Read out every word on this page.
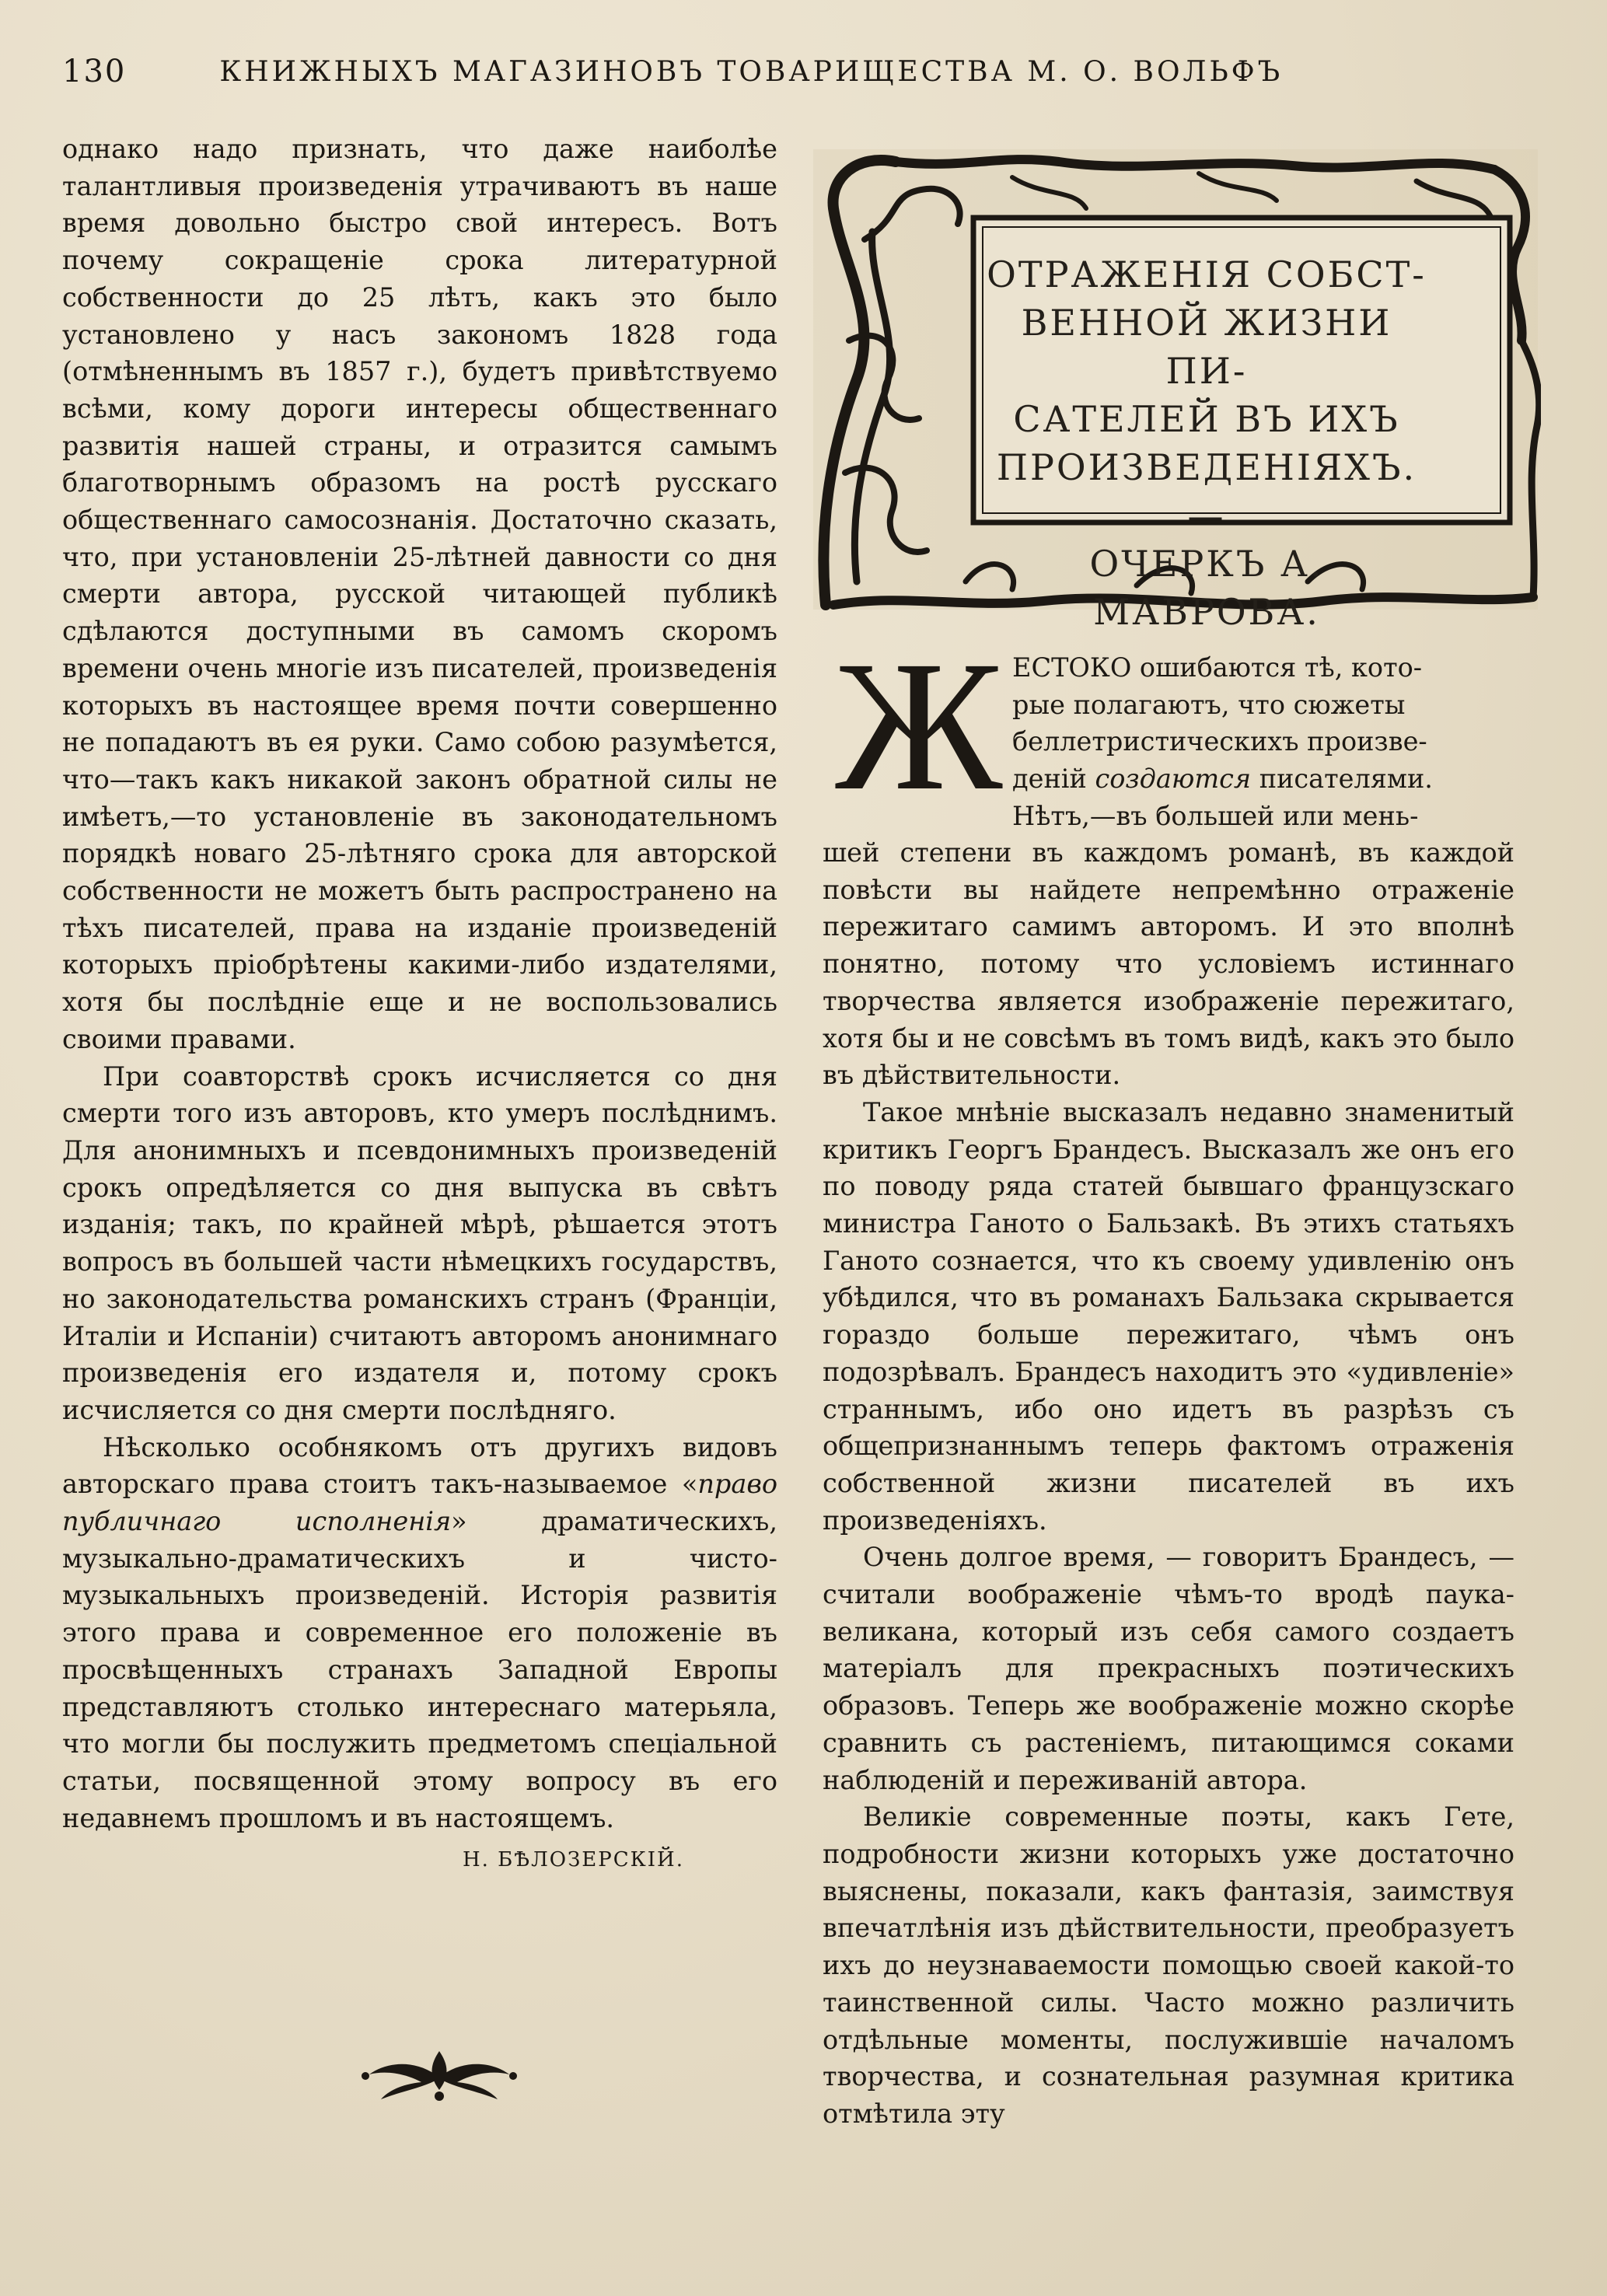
130	КНИЖНЫХЪ МАГАЗИНОВЪ ТОВАРИЩЕСТВА М. О. ВОЛЬФЪ

однако надо признать, что даже наиболѣе талантливыя произведенія утрачиваютъ въ наше время довольно быстро свой интересъ. Вотъ почему сокращеніе срока литературной собственности до 25 лѣтъ, какъ это было установлено у насъ закономъ 1828 года (отмѣненнымъ въ 1857 г.), будетъ привѣтствуемо всѣми, кому дороги интересы общественнаго развитія нашей страны, и отразится самымъ благотворнымъ образомъ на ростѣ русскаго общественнаго самосознанія. Достаточно сказать, что, при установленіи 25-лѣтней давности со дня смерти автора, русской читающей публикѣ сдѣлаются доступными въ самомъ скоромъ времени очень многіе изъ писателей, произведенія которыхъ въ настоящее время почти совершенно не попадаютъ въ ея руки. Само собою разумѣется, что—такъ какъ никакой законъ обратной силы не имѣетъ,—то установленіе въ законодательномъ порядкѣ новаго 25-лѣтняго срока для авторской собственности не можетъ быть распространено на тѣхъ писателей, права на изданіе произведеній которыхъ пріобрѣтены какими-либо издателями, хотя бы послѣдніе еще и не воспользовались своими правами.

При соавторствѣ срокъ исчисляется со дня смерти того изъ авторовъ, кто умеръ послѣднимъ. Для анонимныхъ и псевдонимныхъ произведеній срокъ опредѣляется со дня выпуска въ свѣтъ изданія; такъ, по крайней мѣрѣ, рѣшается этотъ вопросъ въ большей части нѣмецкихъ государствъ, но законодательства романскихъ странъ (Франціи, Италіи и Испаніи) считаютъ авторомъ анонимнаго произведенія его издателя и, потому срокъ исчисляется со дня смерти послѣдняго.

Нѣсколько особнякомъ отъ другихъ видовъ авторскаго права стоитъ такъ-называемое «право публичнаго исполненія» драматическихъ, музыкально-драматическихъ и чисто-музыкальныхъ произведеній. Исторія развитія этого права и современное его положеніе въ просвѣщенныхъ странахъ Западной Европы представляютъ столько интереснаго матерьяла, что могли бы послужить предметомъ спеціальной статьи, посвященной этому вопросу въ его недавнемъ прошломъ и въ настоящемъ.

Н. БѢЛОЗЕРСКІЙ.
ОТРАЖЕНІЯ СОБСТ-
ВЕННОЙ ЖИЗНИ ПИ-
САТЕЛЕЙ ВЪ ИХЪ
ПРОИЗВЕДЕНІЯХЪ. —
ОЧЕРКЪ А. МАВРОВА.
Ж ЕСТОКО ошибаются тѣ, кото-

рые полагаютъ, что сюжеты

беллетристическихъ произве-

деній создаются писателями.

Нѣтъ,—въ большей или мень-

шей степени въ каждомъ романѣ, въ каждой повѣсти вы найдете непремѣнно отраженіе пережитаго самимъ авторомъ. И это вполнѣ понятно, потому что условіемъ истиннаго творчества является изображеніе пережитаго, хотя бы и не совсѣмъ въ томъ видѣ, какъ это было въ дѣйствительности.

Такое мнѣніе высказалъ недавно знаменитый критикъ Георгъ Брандесъ. Высказалъ же онъ его по поводу ряда статей бывшаго французскаго министра Ганото о Бальзакѣ. Въ этихъ статьяхъ Ганото сознается, что къ своему удивленію онъ убѣдился, что въ романахъ Бальзака скрывается гораздо больше пережитаго, чѣмъ онъ подозрѣвалъ. Брандесъ находитъ это «удивленіе» страннымъ, ибо оно идетъ въ разрѣзъ съ общепризнаннымъ теперь фактомъ отраженія собственной жизни писателей въ ихъ произведеніяхъ.

Очень долгое время, — говоритъ Брандесъ, — считали воображеніе чѣмъ-то вродѣ паука-великана, который изъ себя самого создаетъ матеріалъ для прекрасныхъ поэтическихъ образовъ. Теперь же воображеніе можно скорѣе сравнить съ растеніемъ, питающимся соками наблюденій и переживаній автора.

Великіе современные поэты, какъ Гете, подробности жизни которыхъ уже достаточно выяснены, показали, какъ фантазія, заимствуя впечатлѣнія изъ дѣйствительности, преобразуетъ ихъ до неузнаваемости помощью своей какой-то таинственной силы. Часто можно различить отдѣльные моменты, послужившіе началомъ творчества, и сознательная разумная критика отмѣтила эту
